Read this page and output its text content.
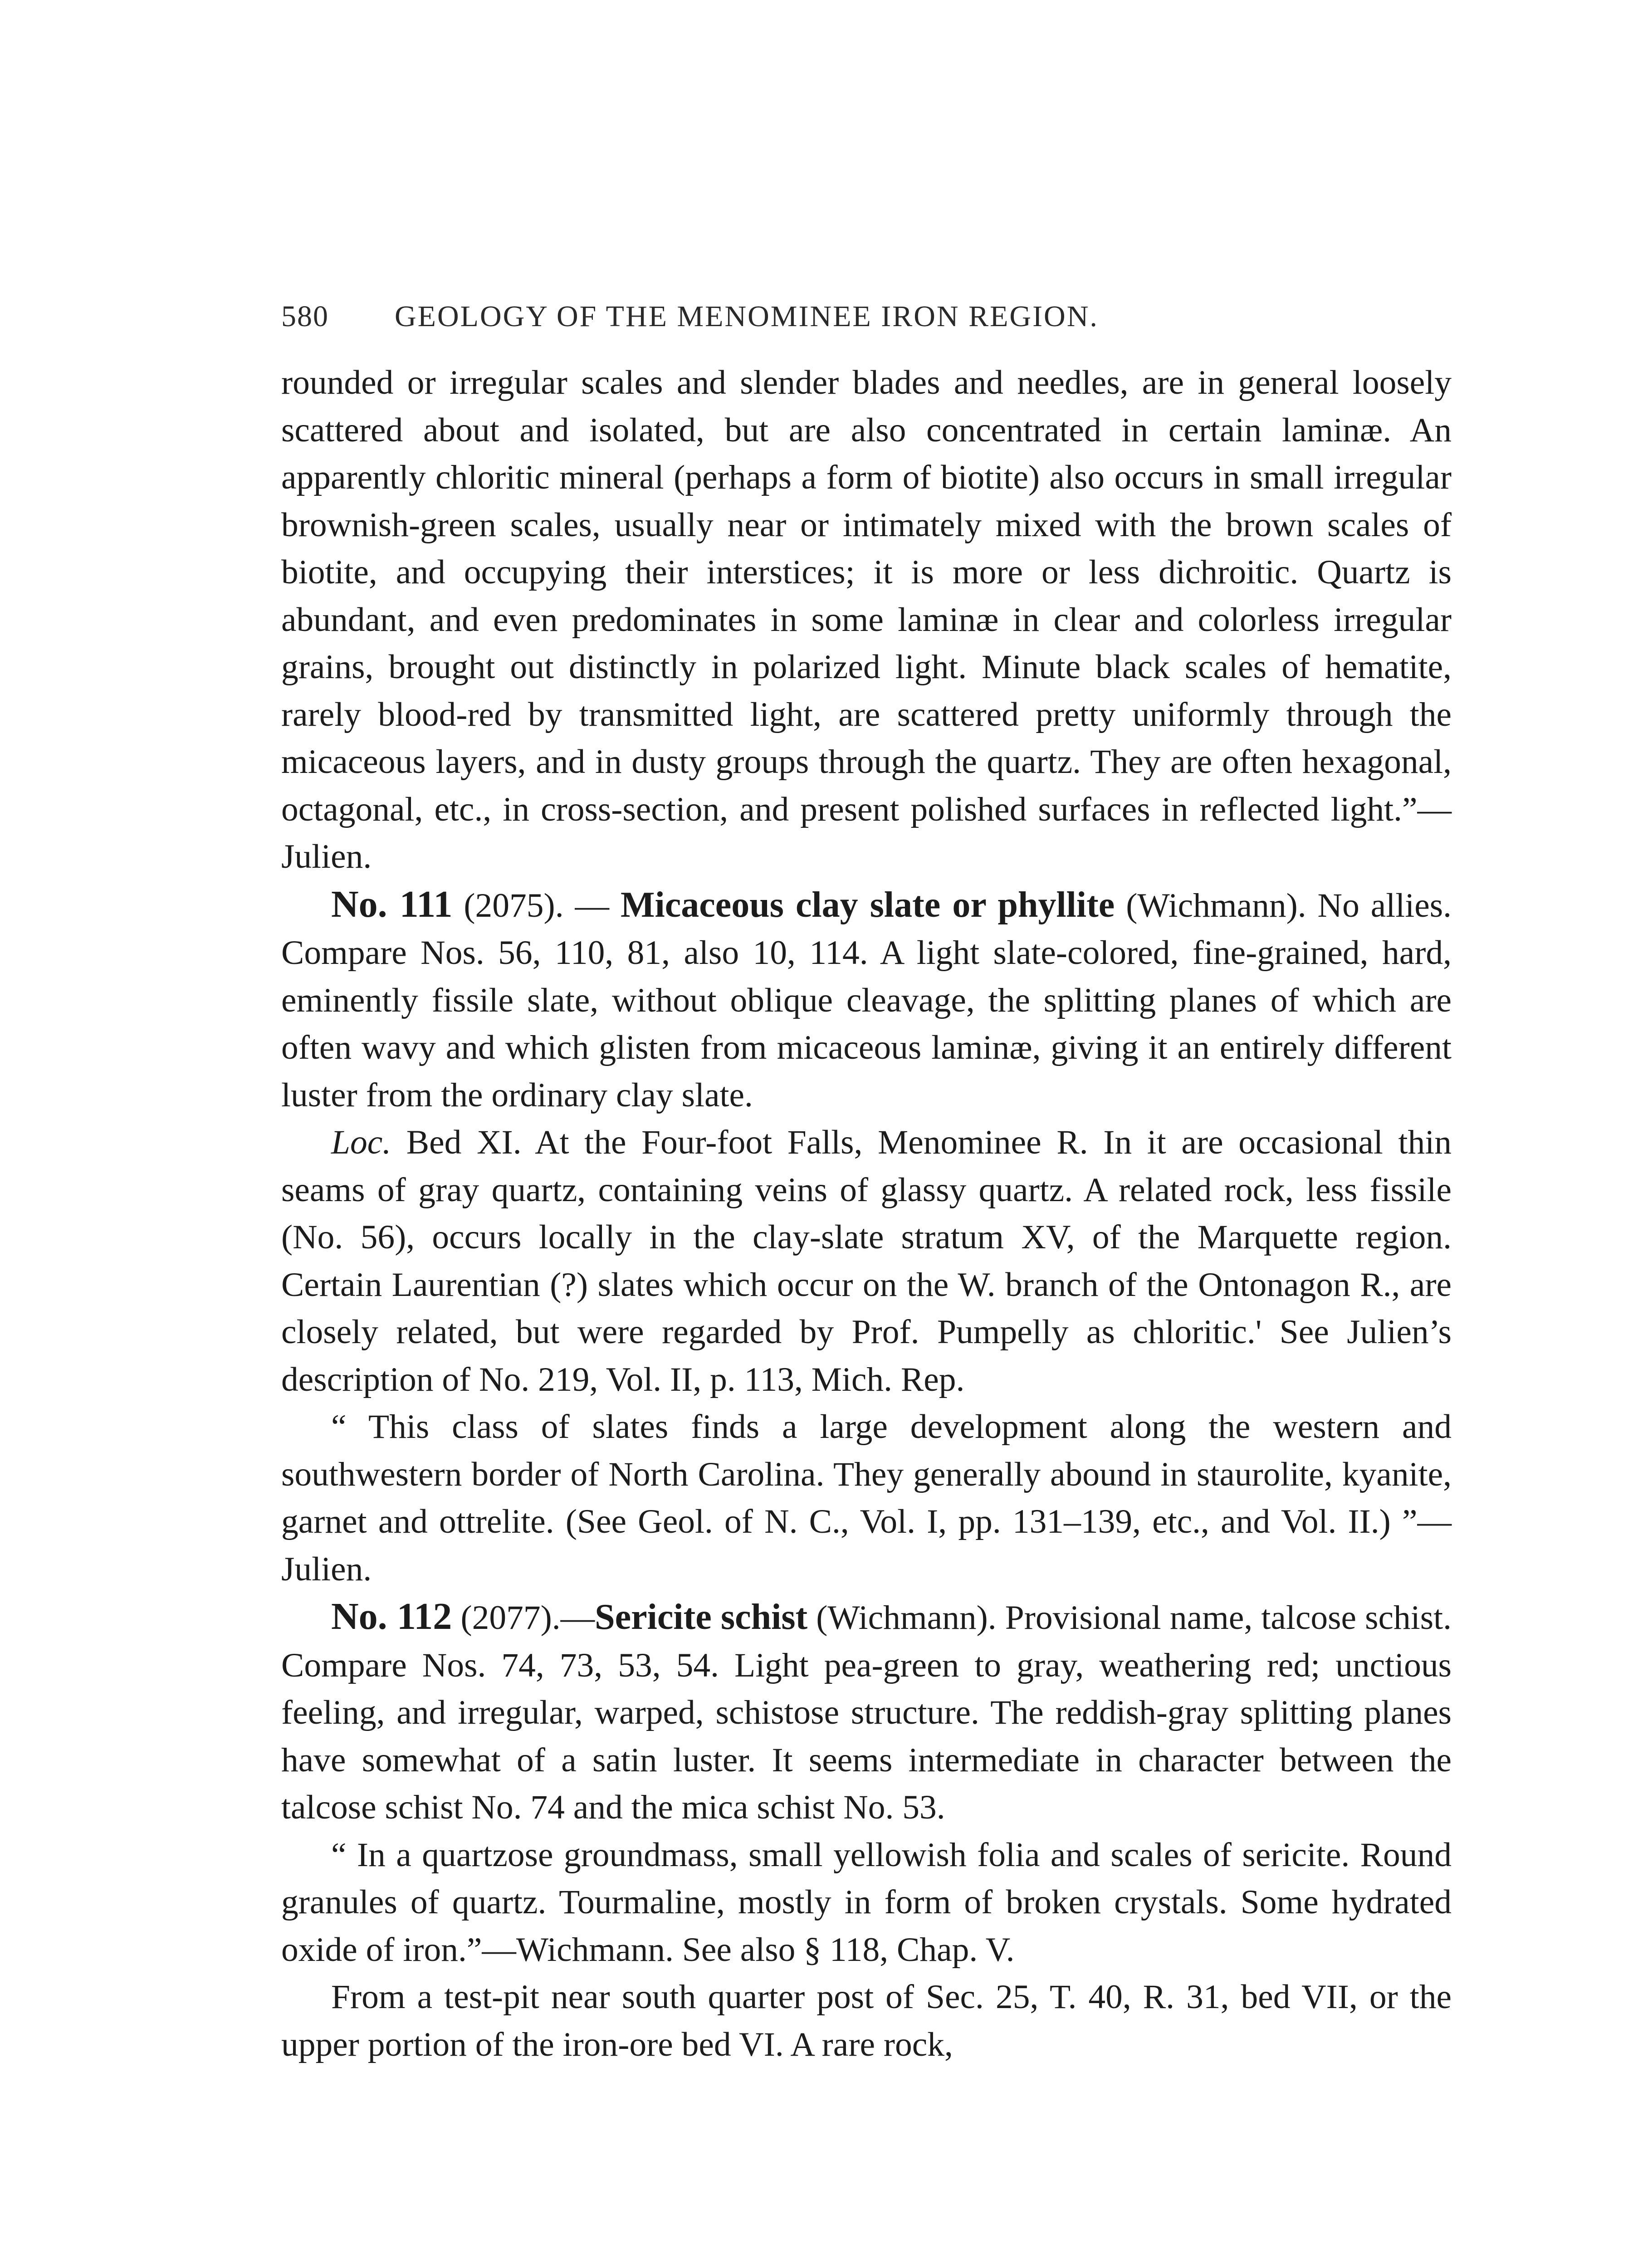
580	GEOLOGY OF THE MENOMINEE IRON REGION.

rounded or irregular scales and slender blades and needles, are in general loosely scattered about and isolated, but are also concentrated in certain laminæ. An apparently chloritic mineral (perhaps a form of biotite) also occurs in small irregular brownish-green scales, usually near or intimately mixed with the brown scales of biotite, and occupying their interstices; it is more or less dichroitic. Quartz is abundant, and even predominates in some laminæ in clear and colorless irregular grains, brought out distinctly in polarized light. Minute black scales of hematite, rarely blood-red by transmitted light, are scattered pretty uniformly through the micaceous layers, and in dusty groups through the quartz. They are often hexagonal, octagonal, etc., in cross-section, and present polished surfaces in reflected light.”—Julien.

No. 111 (2075). — Micaceous clay slate or phyllite (Wichmann). No allies. Compare Nos. 56, 110, 81, also 10, 114. A light slate-colored, fine-grained, hard, eminently fissile slate, without oblique cleavage, the splitting planes of which are often wavy and which glisten from micaceous laminæ, giving it an entirely different luster from the ordinary clay slate.

Loc. Bed XI. At the Four-foot Falls, Menominee R. In it are occasional thin seams of gray quartz, containing veins of glassy quartz. A related rock, less fissile (No. 56), occurs locally in the clay-slate stratum XV, of the Marquette region. Certain Laurentian (?) slates which occur on the W. branch of the Ontonagon R., are closely related, but were regarded by Prof. Pumpelly as chloritic.' See Julien’s description of No. 219, Vol. II, p. 113, Mich. Rep.

“ This class of slates finds a large development along the western and southwestern border of North Carolina. They generally abound in staurolite, kyanite, garnet and ottrelite. (See Geol. of N. C., Vol. I, pp. 131–139, etc., and Vol. II.) ”— Julien.

No. 112 (2077).—Sericite schist (Wichmann). Provisional name, talcose schist. Compare Nos. 74, 73, 53, 54. Light pea-green to gray, weathering red; unctious feeling, and irregular, warped, schistose structure. The reddish-gray splitting planes have somewhat of a satin luster. It seems intermediate in character between the talcose schist No. 74 and the mica schist No. 53.

“ In a quartzose groundmass, small yellowish folia and scales of sericite. Round granules of quartz. Tourmaline, mostly in form of broken crystals. Some hydrated oxide of iron.”—Wichmann. See also § 118, Chap. V.

From a test-pit near south quarter post of Sec. 25, T. 40, R. 31, bed VII, or the upper portion of the iron-ore bed VI. A rare rock,
